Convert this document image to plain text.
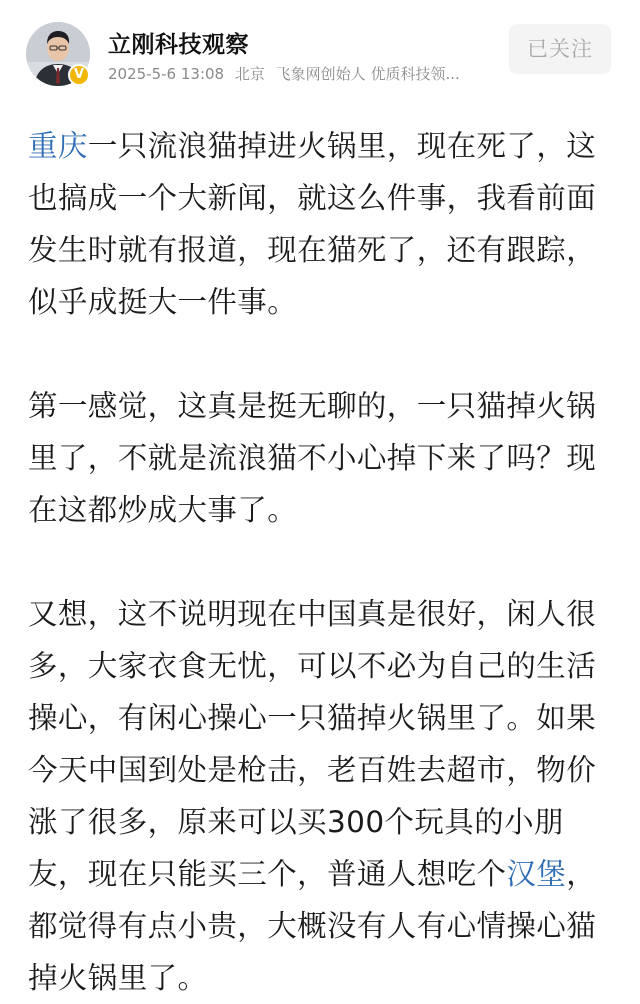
V
立刚科技观察
2025-5-6 13:08 北京 飞象网创始人 优质科技领...
已关注

重庆一只流浪猫掉进火锅里，现在死了，这也搞成一个大新闻，就这么件事，我看前面发生时就有报道，现在猫死了，还有跟踪，似乎成挺大一件事。

第一感觉，这真是挺无聊的，一只猫掉火锅里了，不就是流浪猫不小心掉下来了吗？现在这都炒成大事了。

又想，这不说明现在中国真是很好，闲人很多，大家衣食无忧，可以不必为自己的生活操心，有闲心操心一只猫掉火锅里了。如果今天中国到处是枪击，老百姓去超市，物价涨了很多，原来可以买300个玩具的小朋友，现在只能买三个，普通人想吃个汉堡，都觉得有点小贵，大概没有人有心情操心猫掉火锅里了。
